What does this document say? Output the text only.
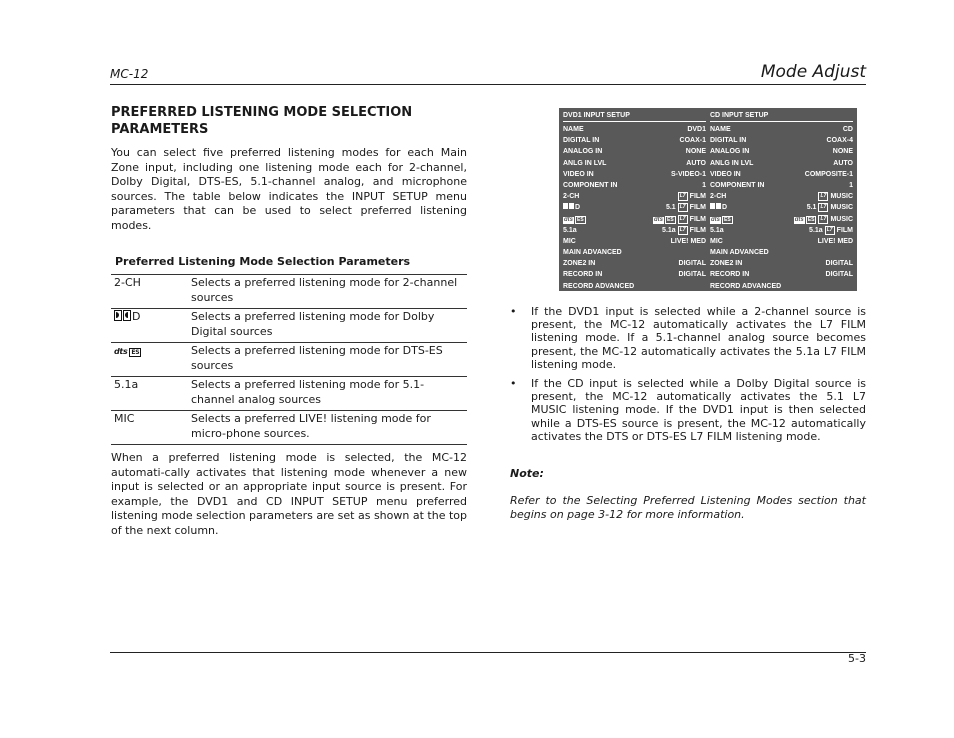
MC-12	Mode Adjust
PREFERRED LISTENING MODE SELECTION PARAMETERS

You can select five preferred listening modes for each Main Zone input, including one listening mode each for 2-channel, Dolby Digital, DTS-ES, 5.1-channel analog, and microphone sources. The table below indicates the INPUT SETUP menu parameters that can be used to select preferred listening modes.

Preferred Listening Mode Selection Parameters
2-CH	Selects a preferred listening mode for 2-channel sources
D	Selects a preferred listening mode for Dolby Digital sources

dts ES	Selects a preferred listening mode for DTS-ES sources
5.1a	Selects a preferred listening mode for 5.1-channel analog sources
MIC	Selects a preferred LIVE! listening mode for micro-phone sources.

When a preferred listening mode is selected, the MC-12 automati-cally activates that listening mode whenever a new input is selected or an appropriate input source is present. For example, the DVD1 and CD INPUT SETUP menu preferred listening mode selection parameters are set as shown at the top of the next column.

DVD1 INPUT SETUP
NAME	DVD1
DIGITAL IN	COAX-1
ANALOG IN	NONE
ANLG IN LVL	AUTO
VIDEO IN	S-VIDEO-1
COMPONENT IN	1
2-CH	L7 FILM
D	5.1 L7 FILM
dts ES	dts ES	L7 FILM
5.1a	5.1a L7 FILM
MIC	LIVE! MED
MAIN ADVANCED
ZONE2 IN	DIGITAL
RECORD IN	DIGITAL
RECORD ADVANCED
CD INPUT SETUP
NAME	CD
DIGITAL IN	COAX-4
ANALOG IN	NONE
ANLG IN LVL	AUTO
VIDEO IN	COMPOSITE-1
COMPONENT IN	1
2-CH	L7 MUSIC
D	5.1 L7 MUSIC
dts ES	dts ES	L7 MUSIC
5.1a	5.1a L7 FILM
MIC	LIVE! MED
MAIN ADVANCED
ZONE2 IN	DIGITAL
RECORD IN	DIGITAL
RECORD ADVANCED
• If the DVD1 input is selected while a 2-channel source is present, the MC-12 automatically activates the L7 FILM listening mode. If a 5.1-channel analog source becomes present, the MC-12 automatically activates the 5.1a L7 FILM listening mode.
• If the CD input is selected while a Dolby Digital source is present, the MC-12 automatically activates the 5.1 L7 MUSIC listening mode. If the DVD1 input is then selected while a DTS-ES source is present, the MC-12 automatically activates the DTS or DTS-ES L7 FILM listening mode.
Note:

Refer to the Selecting Preferred Listening Modes section that begins on page 3-12 for more information.

5-3
